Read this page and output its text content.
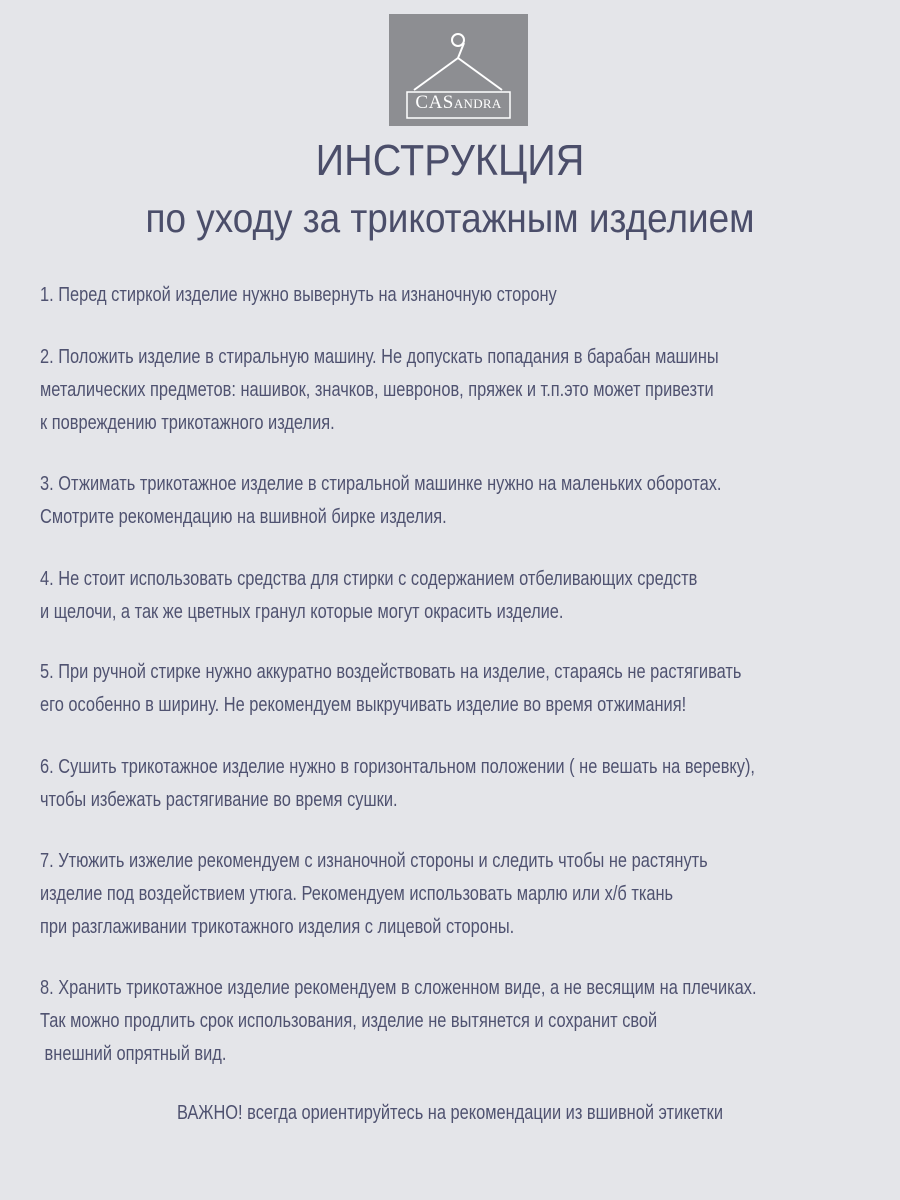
CASANDRA
ИНСТРУКЦИЯ
по уходу за трикотажным изделием
1. Перед стиркой изделие нужно вывернуть на изнаночную сторону
2. Положить изделие в стиральную машину. Не допускать попадания в барабан машины
металических предметов: нашивок, значков, шевронов, пряжек и т.п.это может привезти
к повреждению трикотажного изделия.
3. Отжимать трикотажное изделие в стиральной машинке нужно на маленьких оборотах.
Смотрите рекомендацию на вшивной бирке изделия.
4. Не стоит использовать средства для стирки с содержанием отбеливающих средств
и щелочи, а так же цветных гранул которые могут окрасить изделие.
5. При ручной стирке нужно аккуратно воздействовать на изделие, стараясь не растягивать
его особенно в ширину. Не рекомендуем выкручивать изделие во время отжимания!
6. Сушить трикотажное изделие нужно в горизонтальном положении ( не вешать на веревку),
чтобы избежать растягивание во время сушки.
7. Утюжить изжелие рекомендуем с изнаночной стороны и следить чтобы не растянуть
изделие под воздействием утюга. Рекомендуем использовать марлю или х/б ткань
при разглаживании трикотажного изделия с лицевой стороны.
8. Хранить трикотажное изделие рекомендуем в сложенном виде, а не весящим на плечиках.
Так можно продлить срок использования, изделие не вытянется и сохранит свой
внешний опрятный вид.
ВАЖНО! всегда ориентируйтесь на рекомендации из вшивной этикетки
